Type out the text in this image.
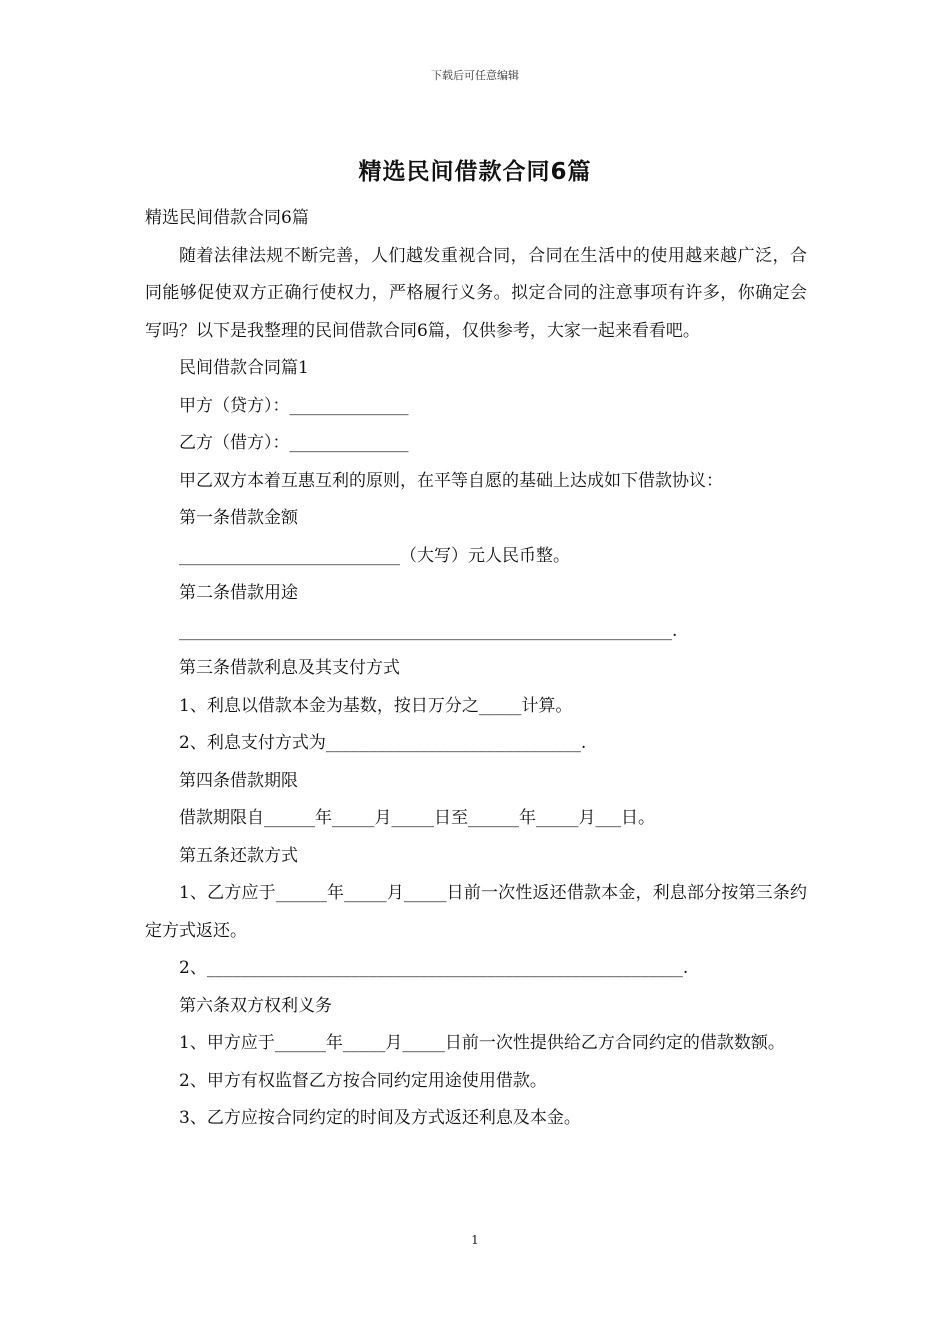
下载后可任意编辑
精选民间借款合同6篇

精选民间借款合同6篇

随着法律法规不断完善，人们越发重视合同，合同在生活中的使用越来越广泛，合同能够促使双方正确行使权力，严格履行义务。拟定合同的注意事项有许多，你确定会写吗？以下是我整理的民间借款合同6篇，仅供参考，大家一起来看看吧。

民间借款合同篇1

甲方（贷方）：______________

乙方（借方）：______________

甲乙双方本着互惠互利的原则，在平等自愿的基础上达成如下借款协议：

第一条借款金额

__________________________（大写）元人民币整。

第二条借款用途

__________________________________________________________.

第三条借款利息及其支付方式

1、利息以借款本金为基数，按日万分之_____计算。

2、利息支付方式为______________________________.

第四条借款期限

借款期限自______年_____月_____日至______年_____月___日。

第五条还款方式

1、乙方应于______年_____月_____日前一次性返还借款本金，利息部分按第三条约定方式返还。

2、________________________________________________________.

第六条双方权利义务

1、甲方应于______年_____月_____日前一次性提供给乙方合同约定的借款数额。

2、甲方有权监督乙方按合同约定用途使用借款。

3、乙方应按合同约定的时间及方式返还利息及本金。

1
